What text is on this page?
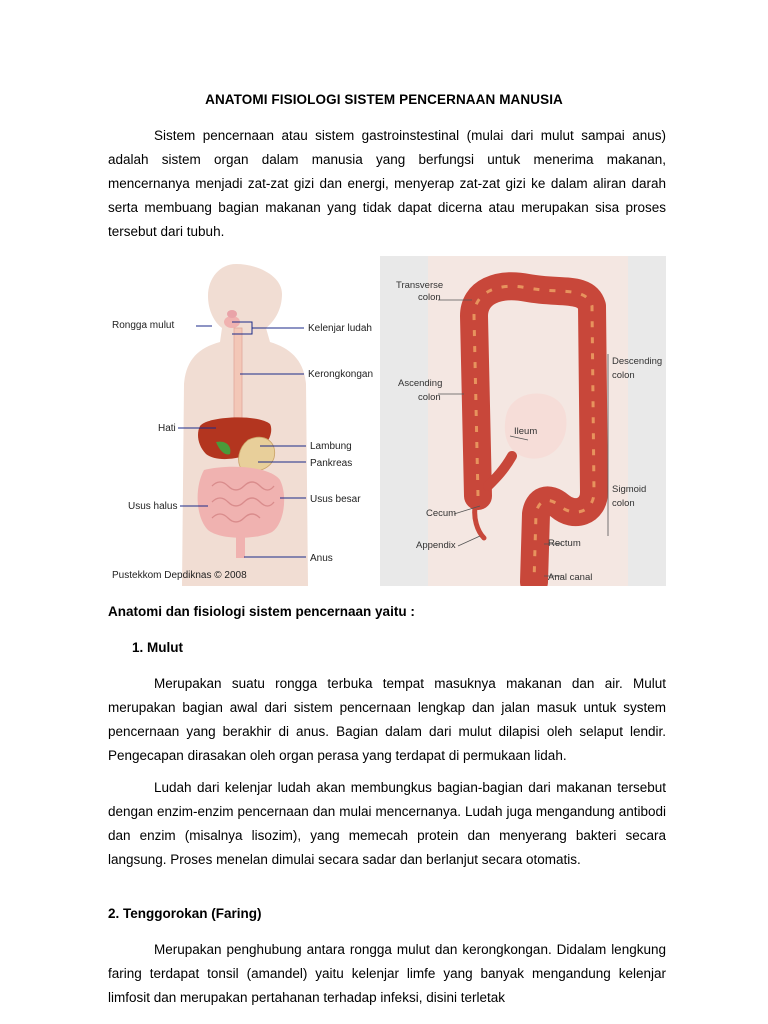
ANATOMI FISIOLOGI SISTEM PENCERNAAN MANUSIA

Sistem pencernaan atau sistem gastroinstestinal (mulai dari mulut sampai anus) adalah sistem organ dalam manusia yang berfungsi untuk menerima makanan, mencernanya menjadi zat-zat gizi dan energi, menyerap zat-zat gizi ke dalam aliran darah serta membuang bagian makanan yang tidak dapat dicerna atau merupakan sisa proses tersebut dari tubuh.

Rongga mulut	Kelenjar ludah
Kerongkongan
Hati
Lambung
Pankreas
Usus halus
Usus besar
Anus
Pustekkom Depdiknas © 2008
Transverse
colon
Ascending
colon
Descending
colon
Ileum
Sigmoid
colon
Cecum
Appendix	Rectum
Anal canal

Anatomi dan fisiologi sistem pencernaan yaitu :

1. Mulut

Merupakan suatu rongga terbuka tempat masuknya makanan dan air. Mulut merupakan bagian awal dari sistem pencernaan lengkap dan jalan masuk untuk system pencernaan yang berakhir di anus. Bagian dalam dari mulut dilapisi oleh selaput lendir. Pengecapan dirasakan oleh organ perasa yang terdapat di permukaan lidah.

Ludah dari kelenjar ludah akan membungkus bagian-bagian dari makanan tersebut dengan enzim-enzim pencernaan dan mulai mencernanya. Ludah juga mengandung antibodi dan enzim (misalnya lisozim), yang memecah protein dan menyerang bakteri secara langsung. Proses menelan dimulai secara sadar dan berlanjut secara otomatis.

2. Tenggorokan (Faring)

Merupakan penghubung antara rongga mulut dan kerongkongan. Didalam lengkung faring terdapat tonsil (amandel) yaitu kelenjar limfe yang banyak mengandung kelenjar limfosit dan merupakan pertahanan terhadap infeksi, disini terletak
